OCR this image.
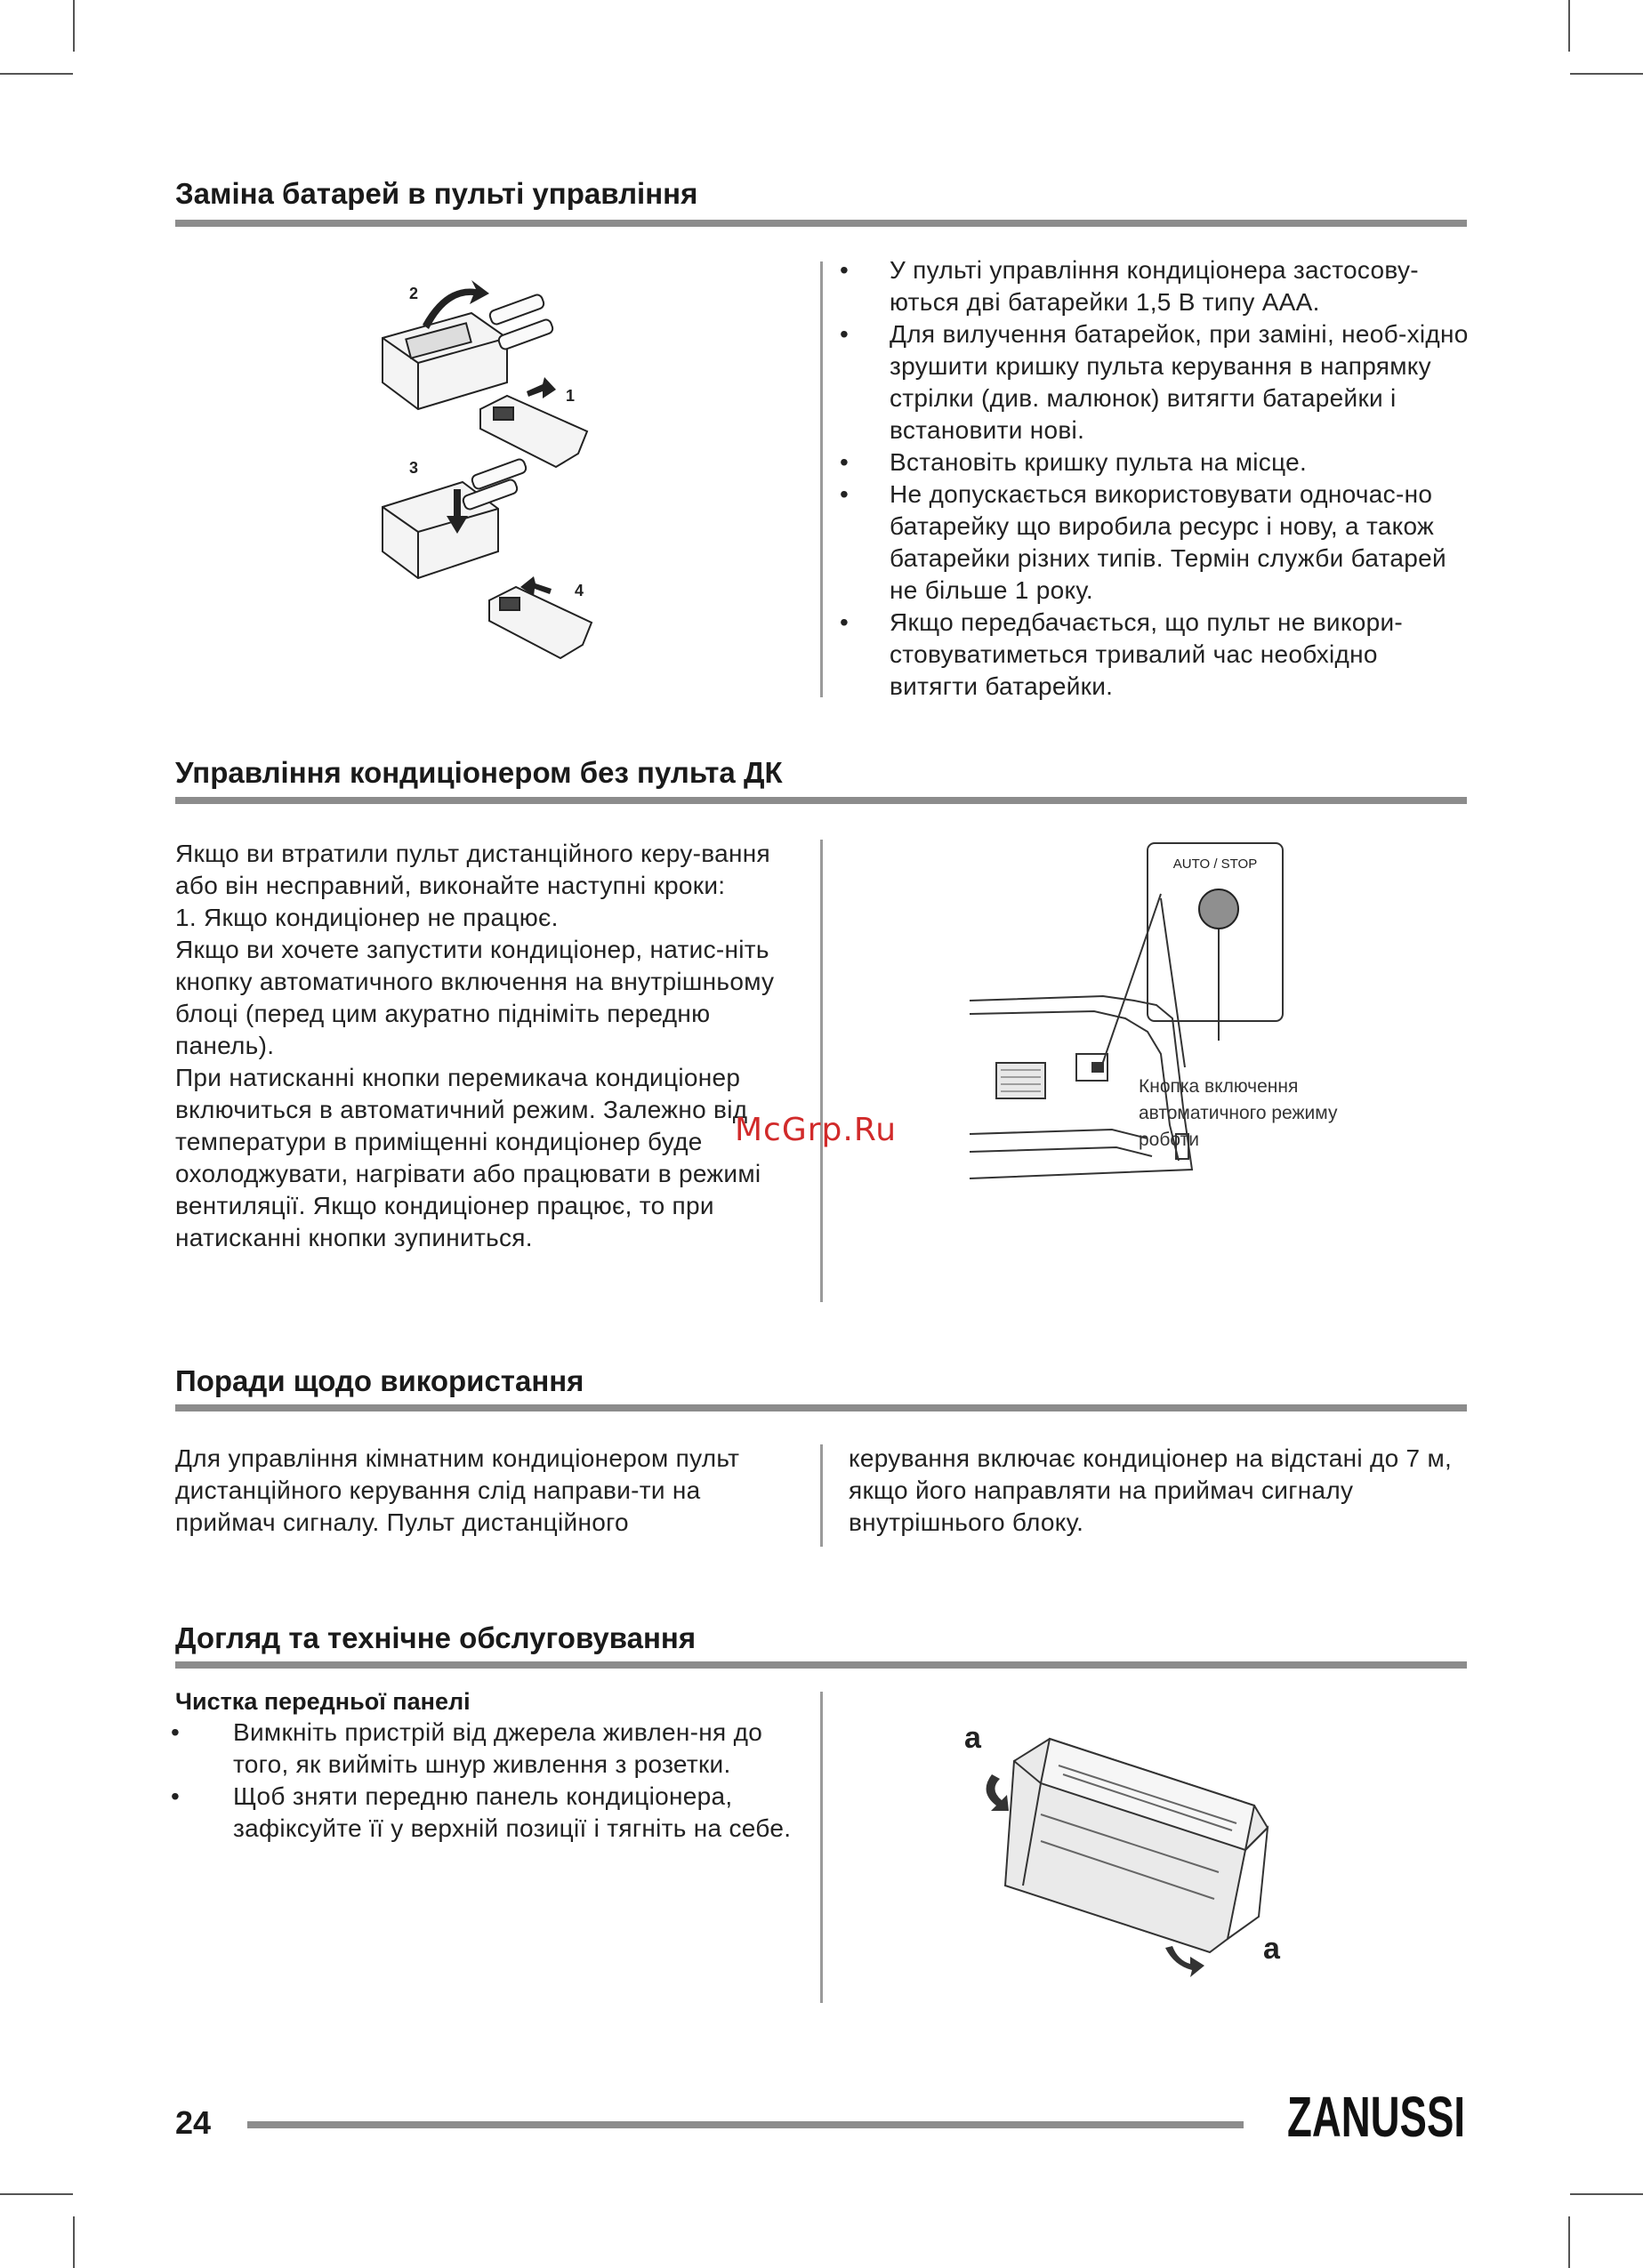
Заміна батарей в пульті управління
2
1
3
4
• У пульті управління кондиціонера застосову-ються дві батарейки 1,5 В типу AAA.
• Для вилучення батарейок, при заміні, необ-хідно зрушити кришку пульта керування в напрямку стрілки (див. малюнок) витягти батарейки і встановити нові.
• Встановіть кришку пульта на місце.
• Не допускається використовувати одночас-но батарейку що виробила ресурс і нову, а також батарейки різних типів. Термін служби батарей не більше 1 року.
• Якщо передбачається, що пульт не викори-стовуватиметься тривалий час необхідно витягти батарейки.
Управління кондиціонером без пульта ДК

Якщо ви втратили пульт дистанційного керу-вання або він несправний, виконайте наступні кроки:

1. Якщо кондиціонер не працює.

Якщо ви хочете запустити кондиціонер, натис-ніть кнопку автоматичного включення на внутрішньому блоці (перед цим акуратно підніміть передню панель).

При натисканні кнопки перемикача кондиціонер включиться в автоматичний режим. Залежно від температури в приміщенні кондиціонер буде охолоджувати, нагрівати або працювати в режимі вентиляції. Якщо кондиціонер працює, то при натисканні кнопки зупиниться.

AUTO / STOP
Кнопка включення
автоматичного режиму
роботи
McGrp.Ru
Поради щодо використання
Для управління кімнатним кондиціонером пульт дистанційного керування слід направи-ти на приймач сигналу. Пульт дистанційного
керування включає кондиціонер на відстані до 7 м, якщо його направляти на приймач сигналу внутрішнього блоку.
Догляд та технічне обслуговування
Чистка передньої панелі
• Вимкніть пристрій від джерела живлен-ня до того, як вийміть шнур живлення з розетки.
• Щоб зняти передню панель кондиціонера, зафіксуйте її у верхній позиції і тягніть на себе.
a
a
24	ZANUSSI
